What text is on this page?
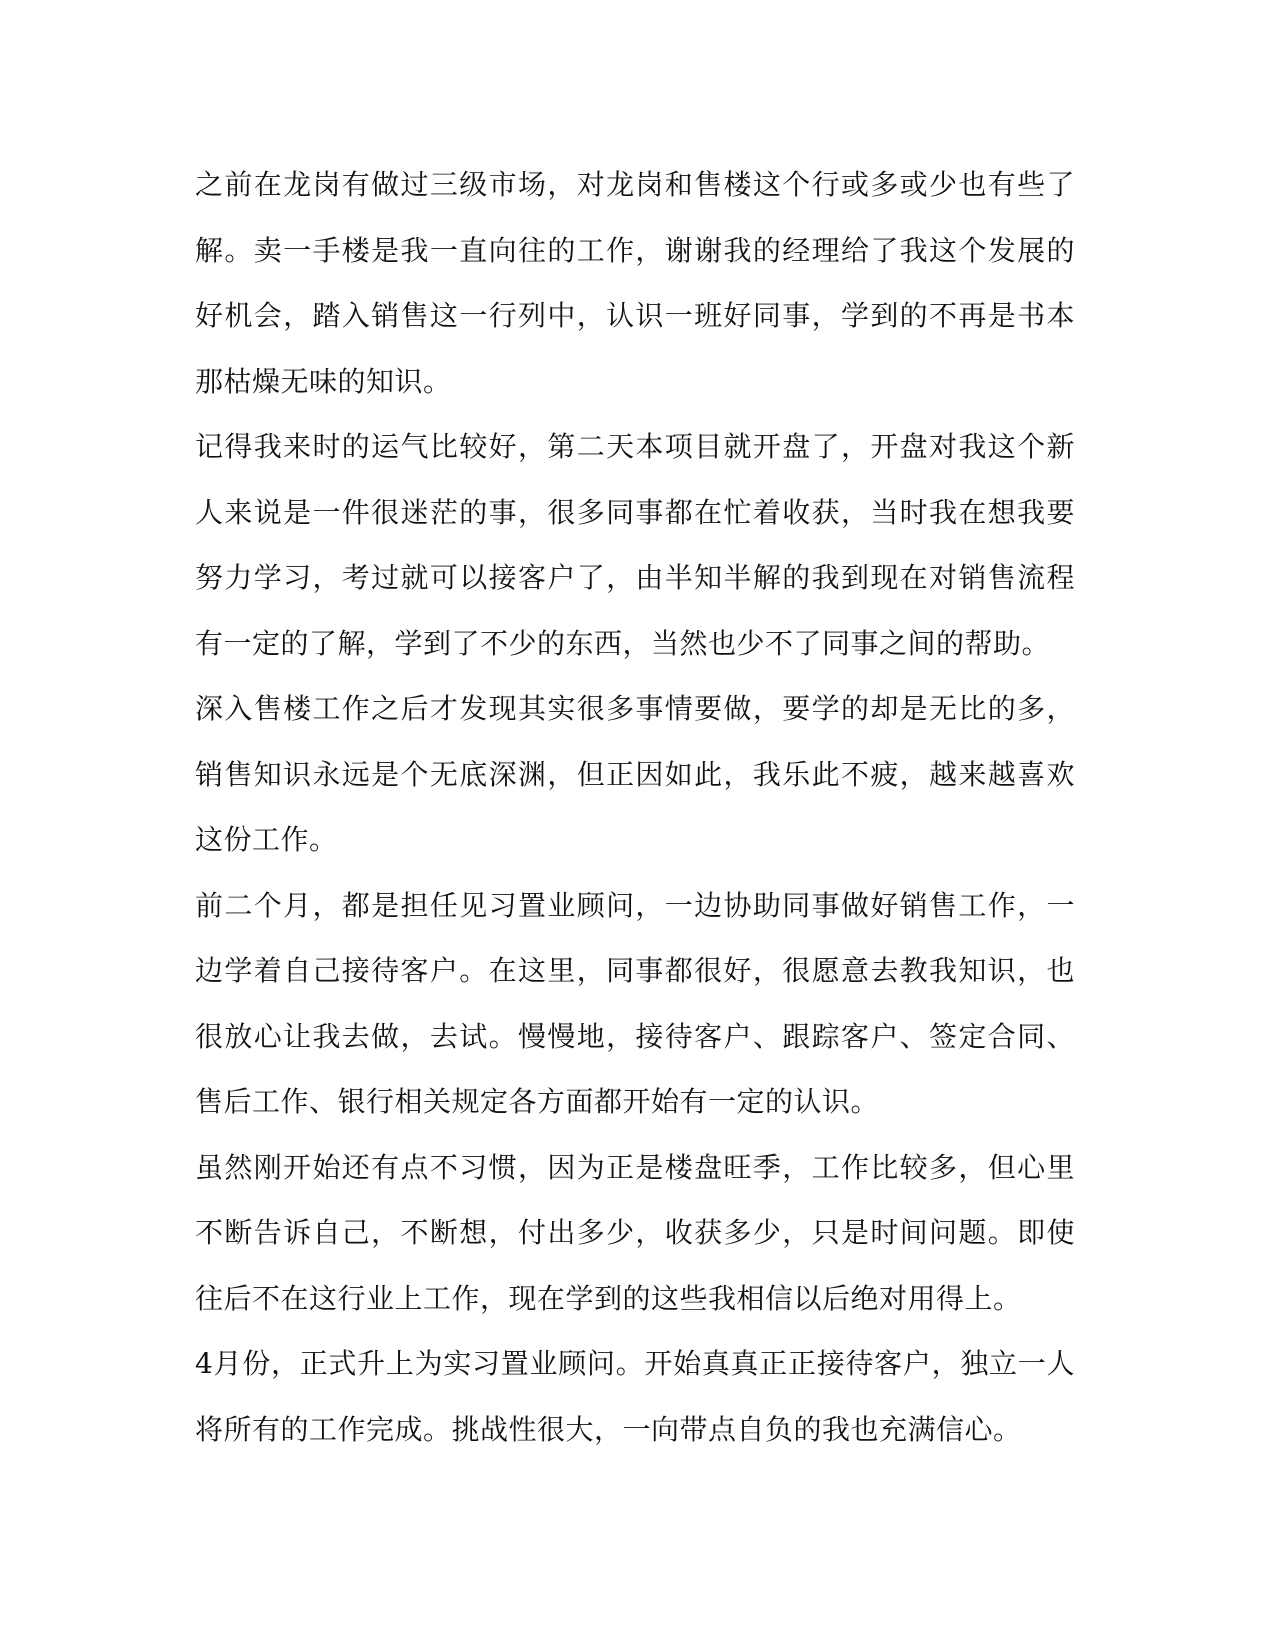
之前在龙岗有做过三级市场，对龙岗和售楼这个行或多或少也有些了解。卖一手楼是我一直向往的工作，谢谢我的经理给了我这个发展的好机会，踏入销售这一行列中，认识一班好同事，学到的不再是书本那枯燥无味的知识。

记得我来时的运气比较好，第二天本项目就开盘了，开盘对我这个新人来说是一件很迷茫的事，很多同事都在忙着收获，当时我在想我要努力学习，考过就可以接客户了，由半知半解的我到现在对销售流程有一定的了解，学到了不少的东西，当然也少不了同事之间的帮助。

深入售楼工作之后才发现其实很多事情要做，要学的却是无比的多，销售知识永远是个无底深渊，但正因如此，我乐此不疲，越来越喜欢这份工作。

前二个月，都是担任见习置业顾问，一边协助同事做好销售工作，一边学着自己接待客户。在这里，同事都很好，很愿意去教我知识，也很放心让我去做，去试。慢慢地，接待客户、跟踪客户、签定合同、售后工作、银行相关规定各方面都开始有一定的认识。

虽然刚开始还有点不习惯，因为正是楼盘旺季，工作比较多，但心里不断告诉自己，不断想，付出多少，收获多少，只是时间问题。即使往后不在这行业上工作，现在学到的这些我相信以后绝对用得上。

4月份，正式升上为实习置业顾问。开始真真正正接待客户，独立一人将所有的工作完成。挑战性很大，一向带点自负的我也充满信心。
